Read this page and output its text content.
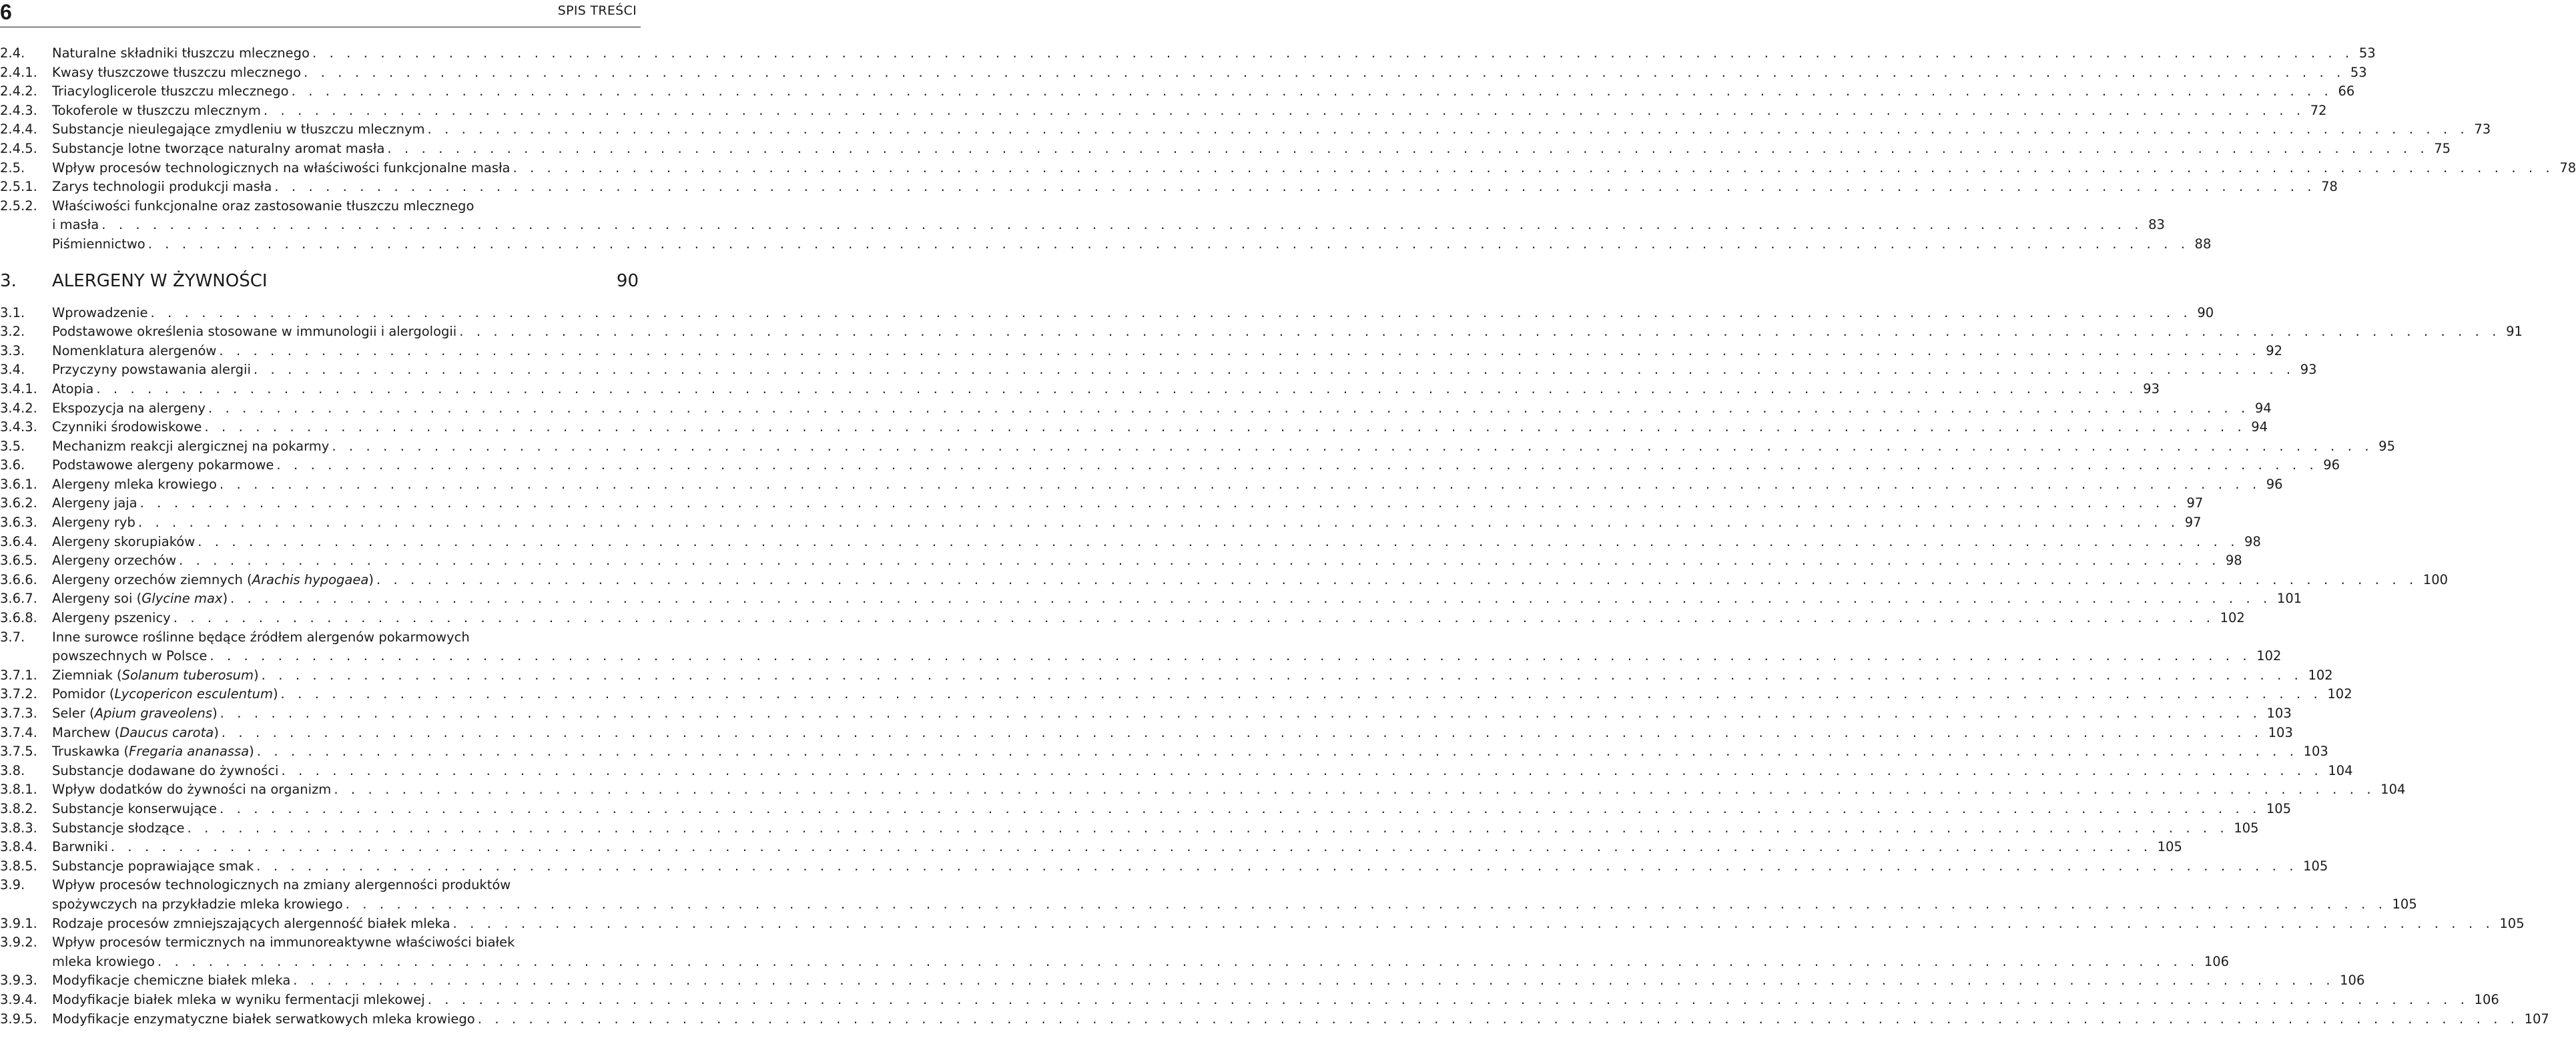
6	SPIS TREŚCI
2.4.	Naturalne składniki tłuszczu mlecznego . . . . . . . . . . . . . . . . . . . . . . . . . . . . . . . . . . . . . . . . . . . . . . . . . . . . . . . . . . . . . . . . . . . . . . . . . . . . . . . . . . . . . . . . . . . . . . . . . . . . . . . . . . . . . . . . . . . . . . . . 53
2.4.1.	Kwasy tłuszczowe tłuszczu mlecznego . . . . . . . . . . . . . . . . . . . . . . . . . . . . . . . . . . . . . . . . . . . . . . . . . . . . . . . . . . . . . . . . . . . . . . . . . . . . . . . . . . . . . . . . . . . . . . . . . . . . . . . . . . . . . . . . . . . . . . . . 53
2.4.2.	Triacyloglicerole tłuszczu mlecznego . . . . . . . . . . . . . . . . . . . . . . . . . . . . . . . . . . . . . . . . . . . . . . . . . . . . . . . . . . . . . . . . . . . . . . . . . . . . . . . . . . . . . . . . . . . . . . . . . . . . . . . . . . . . . . . . . . . . . . . . 66
2.4.3.	Tokoferole w tłuszczu mlecznym . . . . . . . . . . . . . . . . . . . . . . . . . . . . . . . . . . . . . . . . . . . . . . . . . . . . . . . . . . . . . . . . . . . . . . . . . . . . . . . . . . . . . . . . . . . . . . . . . . . . . . . . . . . . . . . . . . . . . . . . 72
2.4.4.	Substancje nieulegające zmydleniu w tłuszczu mlecznym . . . . . . . . . . . . . . . . . . . . . . . . . . . . . . . . . . . . . . . . . . . . . . . . . . . . . . . . . . . . . . . . . . . . . . . . . . . . . . . . . . . . . . . . . . . . . . . . . . . . . . . . . . . . . . . . . . . . . . . . 73
2.4.5.	Substancje lotne tworzące naturalny aromat masła . . . . . . . . . . . . . . . . . . . . . . . . . . . . . . . . . . . . . . . . . . . . . . . . . . . . . . . . . . . . . . . . . . . . . . . . . . . . . . . . . . . . . . . . . . . . . . . . . . . . . . . . . . . . . . . . . . . . . . . . 75
2.5.	Wpływ procesów technologicznych na właściwości funkcjonalne masła . . . . . . . . . . . . . . . . . . . . . . . . . . . . . . . . . . . . . . . . . . . . . . . . . . . . . . . . . . . . . . . . . . . . . . . . . . . . . . . . . . . . . . . . . . . . . . . . . . . . . . . . . . . . . . . . . . . . . . . . 78
2.5.1.	Zarys technologii produkcji masła . . . . . . . . . . . . . . . . . . . . . . . . . . . . . . . . . . . . . . . . . . . . . . . . . . . . . . . . . . . . . . . . . . . . . . . . . . . . . . . . . . . . . . . . . . . . . . . . . . . . . . . . . . . . . . . . . . . . . . . . 78
2.5.2.	Właściwości funkcjonalne oraz zastosowanie tłuszczu mlecznego
i masła . . . . . . . . . . . . . . . . . . . . . . . . . . . . . . . . . . . . . . . . . . . . . . . . . . . . . . . . . . . . . . . . . . . . . . . . . . . . . . . . . . . . . . . . . . . . . . . . . . . . . . . . . . . . . . . . . . . . . . . . 83
Piśmiennictwo . . . . . . . . . . . . . . . . . . . . . . . . . . . . . . . . . . . . . . . . . . . . . . . . . . . . . . . . . . . . . . . . . . . . . . . . . . . . . . . . . . . . . . . . . . . . . . . . . . . . . . . . . . . . . . . . . . . . . . . . 88
3.	ALERGENY W ŻYWNOŚCI	90
3.1.	Wprowadzenie . . . . . . . . . . . . . . . . . . . . . . . . . . . . . . . . . . . . . . . . . . . . . . . . . . . . . . . . . . . . . . . . . . . . . . . . . . . . . . . . . . . . . . . . . . . . . . . . . . . . . . . . . . . . . . . . . . . . . . . . 90
3.2.	Podstawowe określenia stosowane w immunologii i alergologii . . . . . . . . . . . . . . . . . . . . . . . . . . . . . . . . . . . . . . . . . . . . . . . . . . . . . . . . . . . . . . . . . . . . . . . . . . . . . . . . . . . . . . . . . . . . . . . . . . . . . . . . . . . . . . . . . . . . . . . . 91
3.3.	Nomenklatura alergenów . . . . . . . . . . . . . . . . . . . . . . . . . . . . . . . . . . . . . . . . . . . . . . . . . . . . . . . . . . . . . . . . . . . . . . . . . . . . . . . . . . . . . . . . . . . . . . . . . . . . . . . . . . . . . . . . . . . . . . . . 92
3.4.	Przyczyny powstawania alergii . . . . . . . . . . . . . . . . . . . . . . . . . . . . . . . . . . . . . . . . . . . . . . . . . . . . . . . . . . . . . . . . . . . . . . . . . . . . . . . . . . . . . . . . . . . . . . . . . . . . . . . . . . . . . . . . . . . . . . . . 93
3.4.1.	Atopia . . . . . . . . . . . . . . . . . . . . . . . . . . . . . . . . . . . . . . . . . . . . . . . . . . . . . . . . . . . . . . . . . . . . . . . . . . . . . . . . . . . . . . . . . . . . . . . . . . . . . . . . . . . . . . . . . . . . . . . . 93
3.4.2.	Ekspozycja na alergeny . . . . . . . . . . . . . . . . . . . . . . . . . . . . . . . . . . . . . . . . . . . . . . . . . . . . . . . . . . . . . . . . . . . . . . . . . . . . . . . . . . . . . . . . . . . . . . . . . . . . . . . . . . . . . . . . . . . . . . . . 94
3.4.3.	Czynniki środowiskowe . . . . . . . . . . . . . . . . . . . . . . . . . . . . . . . . . . . . . . . . . . . . . . . . . . . . . . . . . . . . . . . . . . . . . . . . . . . . . . . . . . . . . . . . . . . . . . . . . . . . . . . . . . . . . . . . . . . . . . . . 94
3.5.	Mechanizm reakcji alergicznej na pokarmy . . . . . . . . . . . . . . . . . . . . . . . . . . . . . . . . . . . . . . . . . . . . . . . . . . . . . . . . . . . . . . . . . . . . . . . . . . . . . . . . . . . . . . . . . . . . . . . . . . . . . . . . . . . . . . . . . . . . . . . . 95
3.6.	Podstawowe alergeny pokarmowe . . . . . . . . . . . . . . . . . . . . . . . . . . . . . . . . . . . . . . . . . . . . . . . . . . . . . . . . . . . . . . . . . . . . . . . . . . . . . . . . . . . . . . . . . . . . . . . . . . . . . . . . . . . . . . . . . . . . . . . . 96
3.6.1.	Alergeny mleka krowiego . . . . . . . . . . . . . . . . . . . . . . . . . . . . . . . . . . . . . . . . . . . . . . . . . . . . . . . . . . . . . . . . . . . . . . . . . . . . . . . . . . . . . . . . . . . . . . . . . . . . . . . . . . . . . . . . . . . . . . . . 96
3.6.2.	Alergeny jaja . . . . . . . . . . . . . . . . . . . . . . . . . . . . . . . . . . . . . . . . . . . . . . . . . . . . . . . . . . . . . . . . . . . . . . . . . . . . . . . . . . . . . . . . . . . . . . . . . . . . . . . . . . . . . . . . . . . . . . . . 97
3.6.3.	Alergeny ryb . . . . . . . . . . . . . . . . . . . . . . . . . . . . . . . . . . . . . . . . . . . . . . . . . . . . . . . . . . . . . . . . . . . . . . . . . . . . . . . . . . . . . . . . . . . . . . . . . . . . . . . . . . . . . . . . . . . . . . . . 97
3.6.4.	Alergeny skorupiaków . . . . . . . . . . . . . . . . . . . . . . . . . . . . . . . . . . . . . . . . . . . . . . . . . . . . . . . . . . . . . . . . . . . . . . . . . . . . . . . . . . . . . . . . . . . . . . . . . . . . . . . . . . . . . . . . . . . . . . . . 98
3.6.5.	Alergeny orzechów . . . . . . . . . . . . . . . . . . . . . . . . . . . . . . . . . . . . . . . . . . . . . . . . . . . . . . . . . . . . . . . . . . . . . . . . . . . . . . . . . . . . . . . . . . . . . . . . . . . . . . . . . . . . . . . . . . . . . . . . 98
3.6.6.	Alergeny orzechów ziemnych (Arachis hypogaea) . . . . . . . . . . . . . . . . . . . . . . . . . . . . . . . . . . . . . . . . . . . . . . . . . . . . . . . . . . . . . . . . . . . . . . . . . . . . . . . . . . . . . . . . . . . . . . . . . . . . . . . . . . . . . . . . . . . . . . . . 100
3.6.7.	Alergeny soi (Glycine max) . . . . . . . . . . . . . . . . . . . . . . . . . . . . . . . . . . . . . . . . . . . . . . . . . . . . . . . . . . . . . . . . . . . . . . . . . . . . . . . . . . . . . . . . . . . . . . . . . . . . . . . . . . . . . . . . . . . . . . . . 101
3.6.8.	Alergeny pszenicy . . . . . . . . . . . . . . . . . . . . . . . . . . . . . . . . . . . . . . . . . . . . . . . . . . . . . . . . . . . . . . . . . . . . . . . . . . . . . . . . . . . . . . . . . . . . . . . . . . . . . . . . . . . . . . . . . . . . . . . . 102
3.7.	Inne surowce roślinne będące źródłem alergenów pokarmowych
powszechnych w Polsce . . . . . . . . . . . . . . . . . . . . . . . . . . . . . . . . . . . . . . . . . . . . . . . . . . . . . . . . . . . . . . . . . . . . . . . . . . . . . . . . . . . . . . . . . . . . . . . . . . . . . . . . . . . . . . . . . . . . . . . . 102
3.7.1.	Ziemniak (Solanum tuberosum) . . . . . . . . . . . . . . . . . . . . . . . . . . . . . . . . . . . . . . . . . . . . . . . . . . . . . . . . . . . . . . . . . . . . . . . . . . . . . . . . . . . . . . . . . . . . . . . . . . . . . . . . . . . . . . . . . . . . . . . . 102
3.7.2.	Pomidor (Lycopericon esculentum) . . . . . . . . . . . . . . . . . . . . . . . . . . . . . . . . . . . . . . . . . . . . . . . . . . . . . . . . . . . . . . . . . . . . . . . . . . . . . . . . . . . . . . . . . . . . . . . . . . . . . . . . . . . . . . . . . . . . . . . . 102
3.7.3.	Seler (Apium graveolens) . . . . . . . . . . . . . . . . . . . . . . . . . . . . . . . . . . . . . . . . . . . . . . . . . . . . . . . . . . . . . . . . . . . . . . . . . . . . . . . . . . . . . . . . . . . . . . . . . . . . . . . . . . . . . . . . . . . . . . . . 103
3.7.4.	Marchew (Daucus carota) . . . . . . . . . . . . . . . . . . . . . . . . . . . . . . . . . . . . . . . . . . . . . . . . . . . . . . . . . . . . . . . . . . . . . . . . . . . . . . . . . . . . . . . . . . . . . . . . . . . . . . . . . . . . . . . . . . . . . . . . 103
3.7.5.	Truskawka (Fregaria ananassa) . . . . . . . . . . . . . . . . . . . . . . . . . . . . . . . . . . . . . . . . . . . . . . . . . . . . . . . . . . . . . . . . . . . . . . . . . . . . . . . . . . . . . . . . . . . . . . . . . . . . . . . . . . . . . . . . . . . . . . . . 103
3.8.	Substancje dodawane do żywności . . . . . . . . . . . . . . . . . . . . . . . . . . . . . . . . . . . . . . . . . . . . . . . . . . . . . . . . . . . . . . . . . . . . . . . . . . . . . . . . . . . . . . . . . . . . . . . . . . . . . . . . . . . . . . . . . . . . . . . . 104
3.8.1.	Wpływ dodatków do żywności na organizm . . . . . . . . . . . . . . . . . . . . . . . . . . . . . . . . . . . . . . . . . . . . . . . . . . . . . . . . . . . . . . . . . . . . . . . . . . . . . . . . . . . . . . . . . . . . . . . . . . . . . . . . . . . . . . . . . . . . . . . . 104
3.8.2.	Substancje konserwujące . . . . . . . . . . . . . . . . . . . . . . . . . . . . . . . . . . . . . . . . . . . . . . . . . . . . . . . . . . . . . . . . . . . . . . . . . . . . . . . . . . . . . . . . . . . . . . . . . . . . . . . . . . . . . . . . . . . . . . . . 105
3.8.3.	Substancje słodzące . . . . . . . . . . . . . . . . . . . . . . . . . . . . . . . . . . . . . . . . . . . . . . . . . . . . . . . . . . . . . . . . . . . . . . . . . . . . . . . . . . . . . . . . . . . . . . . . . . . . . . . . . . . . . . . . . . . . . . . . 105
3.8.4.	Barwniki . . . . . . . . . . . . . . . . . . . . . . . . . . . . . . . . . . . . . . . . . . . . . . . . . . . . . . . . . . . . . . . . . . . . . . . . . . . . . . . . . . . . . . . . . . . . . . . . . . . . . . . . . . . . . . . . . . . . . . . . 105
3.8.5.	Substancje poprawiające smak . . . . . . . . . . . . . . . . . . . . . . . . . . . . . . . . . . . . . . . . . . . . . . . . . . . . . . . . . . . . . . . . . . . . . . . . . . . . . . . . . . . . . . . . . . . . . . . . . . . . . . . . . . . . . . . . . . . . . . . . 105
3.9.	Wpływ procesów technologicznych na zmiany alergenności produktów
spożywczych na przykładzie mleka krowiego . . . . . . . . . . . . . . . . . . . . . . . . . . . . . . . . . . . . . . . . . . . . . . . . . . . . . . . . . . . . . . . . . . . . . . . . . . . . . . . . . . . . . . . . . . . . . . . . . . . . . . . . . . . . . . . . . . . . . . . . 105
3.9.1.	Rodzaje procesów zmniejszających alergenność białek mleka . . . . . . . . . . . . . . . . . . . . . . . . . . . . . . . . . . . . . . . . . . . . . . . . . . . . . . . . . . . . . . . . . . . . . . . . . . . . . . . . . . . . . . . . . . . . . . . . . . . . . . . . . . . . . . . . . . . . . . . . 105
3.9.2.	Wpływ procesów termicznych na immunoreaktywne właściwości białek
mleka krowiego . . . . . . . . . . . . . . . . . . . . . . . . . . . . . . . . . . . . . . . . . . . . . . . . . . . . . . . . . . . . . . . . . . . . . . . . . . . . . . . . . . . . . . . . . . . . . . . . . . . . . . . . . . . . . . . . . . . . . . . . 106
3.9.3.	Modyfikacje chemiczne białek mleka . . . . . . . . . . . . . . . . . . . . . . . . . . . . . . . . . . . . . . . . . . . . . . . . . . . . . . . . . . . . . . . . . . . . . . . . . . . . . . . . . . . . . . . . . . . . . . . . . . . . . . . . . . . . . . . . . . . . . . . . 106
3.9.4.	Modyfikacje białek mleka w wyniku fermentacji mlekowej . . . . . . . . . . . . . . . . . . . . . . . . . . . . . . . . . . . . . . . . . . . . . . . . . . . . . . . . . . . . . . . . . . . . . . . . . . . . . . . . . . . . . . . . . . . . . . . . . . . . . . . . . . . . . . . . . . . . . . . . 106
3.9.5.	Modyfikacje enzymatyczne białek serwatkowych mleka krowiego . . . . . . . . . . . . . . . . . . . . . . . . . . . . . . . . . . . . . . . . . . . . . . . . . . . . . . . . . . . . . . . . . . . . . . . . . . . . . . . . . . . . . . . . . . . . . . . . . . . . . . . . . . . . . . . . . . . . . . . . 107
